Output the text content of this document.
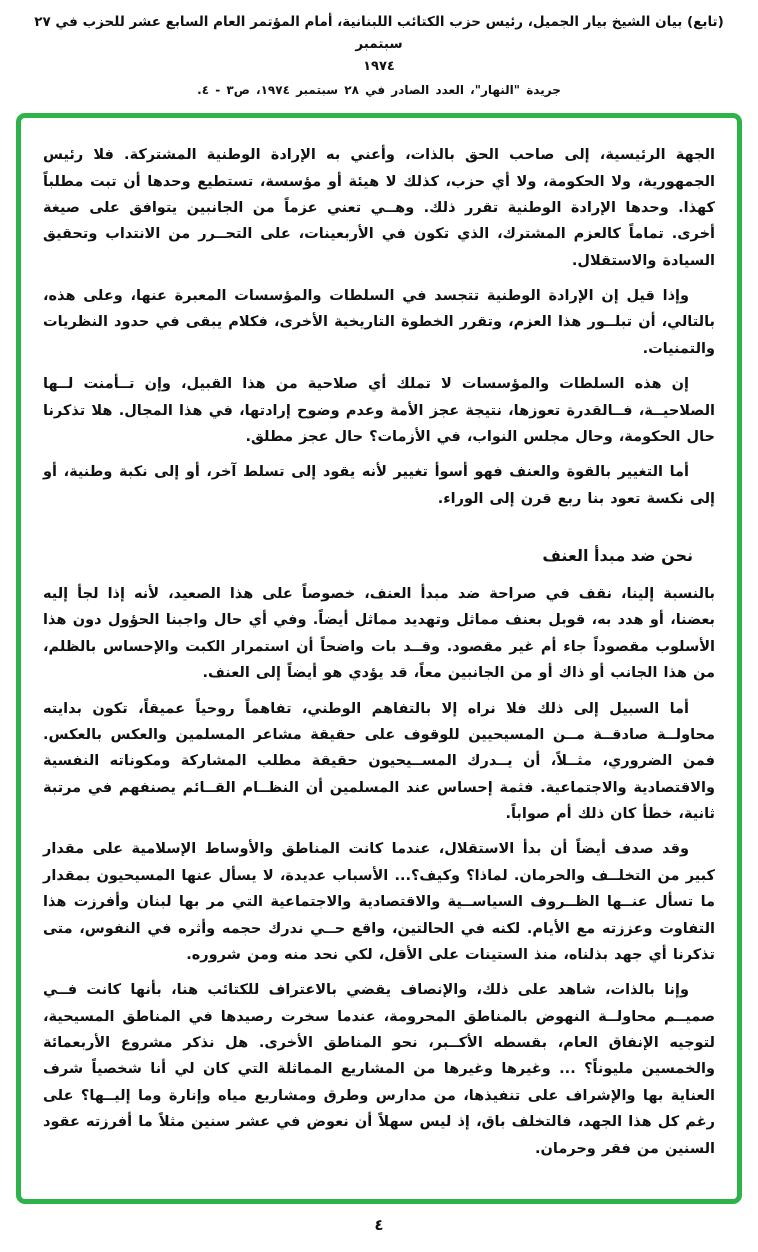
(تابع) بيان الشيخ بيار الجميل، رئيس حزب الكتائب اللبنانية، أمام المؤتمر العام السابع عشر للحزب في ٢٧ سبتمبر
١٩٧٤
جريدة "النهار"، العدد الصادر في ٢٨ سبتمبر ١٩٧٤، ص٣ - ٤.

الجهة الرئيسية، إلى صاحب الحق بالذات، وأعني به الإرادة الوطنية المشتركة. فلا رئيس الجمهورية، ولا الحكومة، ولا أي حزب، كذلك لا هيئة أو مؤسسة، تستطيع وحدها أن تبت مطلباً كهذا. وحدها الإرادة الوطنية تقرر ذلك. وهــي تعني عزماً من الجانبين يتوافق على صيغة أخرى. تماماً كالعزم المشترك، الذي تكون في الأربعينات، على التحــرر من الانتداب وتحقيق السيادة والاستقلال.

وإذا قيل إن الإرادة الوطنية تتجسد في السلطات والمؤسسات المعبرة عنها، وعلى هذه، بالتالي، أن تبلــور هذا العزم، وتقرر الخطوة التاريخية الأخرى، فكلام يبقى في حدود النظريات والتمنيات.

إن هذه السلطات والمؤسسات لا تملك أي صلاحية من هذا القبيل، وإن تــأمنت لــها الصلاحيــة، فــالقدرة تعوزها، نتيجة عجز الأمة وعدم وضوح إرادتها، في هذا المجال. هلا تذكرنا حال الحكومة، وحال مجلس النواب، في الأزمات؟ حال عجز مطلق.

أما التغيير بالقوة والعنف فهو أسوأ تغيير لأنه يقود إلى تسلط آخر، أو إلى نكبة وطنية، أو إلى نكسة تعود بنا ربع قرن إلى الوراء.

نحن ضد مبدأ العنف

بالنسبة إلينا، نقف في صراحة ضد مبدأ العنف، خصوصاً على هذا الصعيد، لأنه إذا لجأ إليه بعضنا، أو هدد به، قوبل بعنف مماثل وتهديد مماثل أيضاً. وفي أي حال واجبنا الحؤول دون هذا الأسلوب مقصوداً جاء أم غير مقصود. وقــد بات واضحاً أن استمرار الكبت والإحساس بالظلم، من هذا الجانب أو ذاك أو من الجانبين معاً، قد يؤدي هو أيضاً إلى العنف.

أما السبيل إلى ذلك فلا نراه إلا بالتفاهم الوطني، تفاهماً روحياً عميقاً، تكون بدايته محاولــة صادقــة مــن المسيحيين للوقوف على حقيقة مشاعر المسلمين والعكس بالعكس. فمن الضروري، مثــلاً، أن يــدرك المســيحيون حقيقة مطلب المشاركة ومكوناته النفسية والاقتصادية والاجتماعية. فثمة إحساس عند المسلمين أن النظــام القــائم يصنفهم في مرتبة ثانية، خطأ كان ذلك أم صواباً.

وقد صدف أيضاً أن بدأ الاستقلال، عندما كانت المناطق والأوساط الإسلامية على مقدار كبير من التخلــف والحرمان. لماذا؟ وكيف؟... الأسباب عديدة، لا يسأل عنها المسيحيون بمقدار ما تسأل عنــها الظــروف السياســية والاقتصادية والاجتماعية التي مر بها لبنان وأفرزت هذا التفاوت وعززته مع الأيام. لكنه في الحالتين، واقع حــي ندرك حجمه وأثره في النفوس، متى تذكرنا أي جهد بذلناه، منذ الستينات على الأقل، لكي نحد منه ومن شروره.

وإنا بالذات، شاهد على ذلك، والإنصاف يقضي بالاعتراف للكتائب هنا، بأنها كانت فــي صميــم محاولــة النهوض بالمناطق المحرومة، عندما سخرت رصيدها في المناطق المسيحية، لتوجيه الإنفاق العام، بقسطه الأكــبر، نحو المناطق الأخرى. هل نذكر مشروع الأربعمائة والخمسين مليوناً؟ ... وغيرها وغيرها من المشاريع المماثلة التي كان لي أنا شخصياً شرف العناية بها والإشراف على تنفيذها، من مدارس وطرق ومشاريع مياه وإنارة وما إليــها؟ على رغم كل هذا الجهد، فالتخلف باق، إذ ليس سهلاً أن نعوض في عشر سنين مثلاً ما أفرزته عقود السنين من فقر وحرمان.

٤
